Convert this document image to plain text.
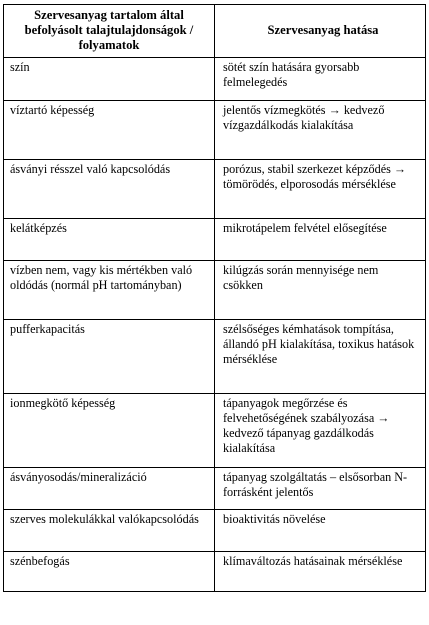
Szervesanyag tartalom által befolyásolt talajtulajdonságok / folyamatok	Szervesanyag hatása
szín	sötét szín hatására gyorsabb felmelegedés
víztartó képesség	jelentős vízmegkötés → kedvező vízgazdálkodás kialakítása
ásványi résszel való kapcsolódás	porózus, stabil szerkezet képződés → tömörödés, elporosodás mérséklése
kelátképzés	mikrotápelem felvétel elősegítése
vízben nem, vagy kis mértékben való oldódás (normál pH tartományban)	kilúgzás során mennyisége nem csökken
pufferkapacitás	szélsőséges kémhatások tompítása, állandó pH kialakítása, toxikus hatások mérséklése
ionmegkötő képesség	tápanyagok megőrzése és felvehetőségének szabályozása → kedvező tápanyag gazdálkodás kialakítása
ásványosodás/mineralizáció	tápanyag szolgáltatás – elsősorban N-forrásként jelentős
szerves molekulákkal valókapcsolódás	bioaktivitás növelése
szénbefogás	klímaváltozás hatásainak mérséklése
